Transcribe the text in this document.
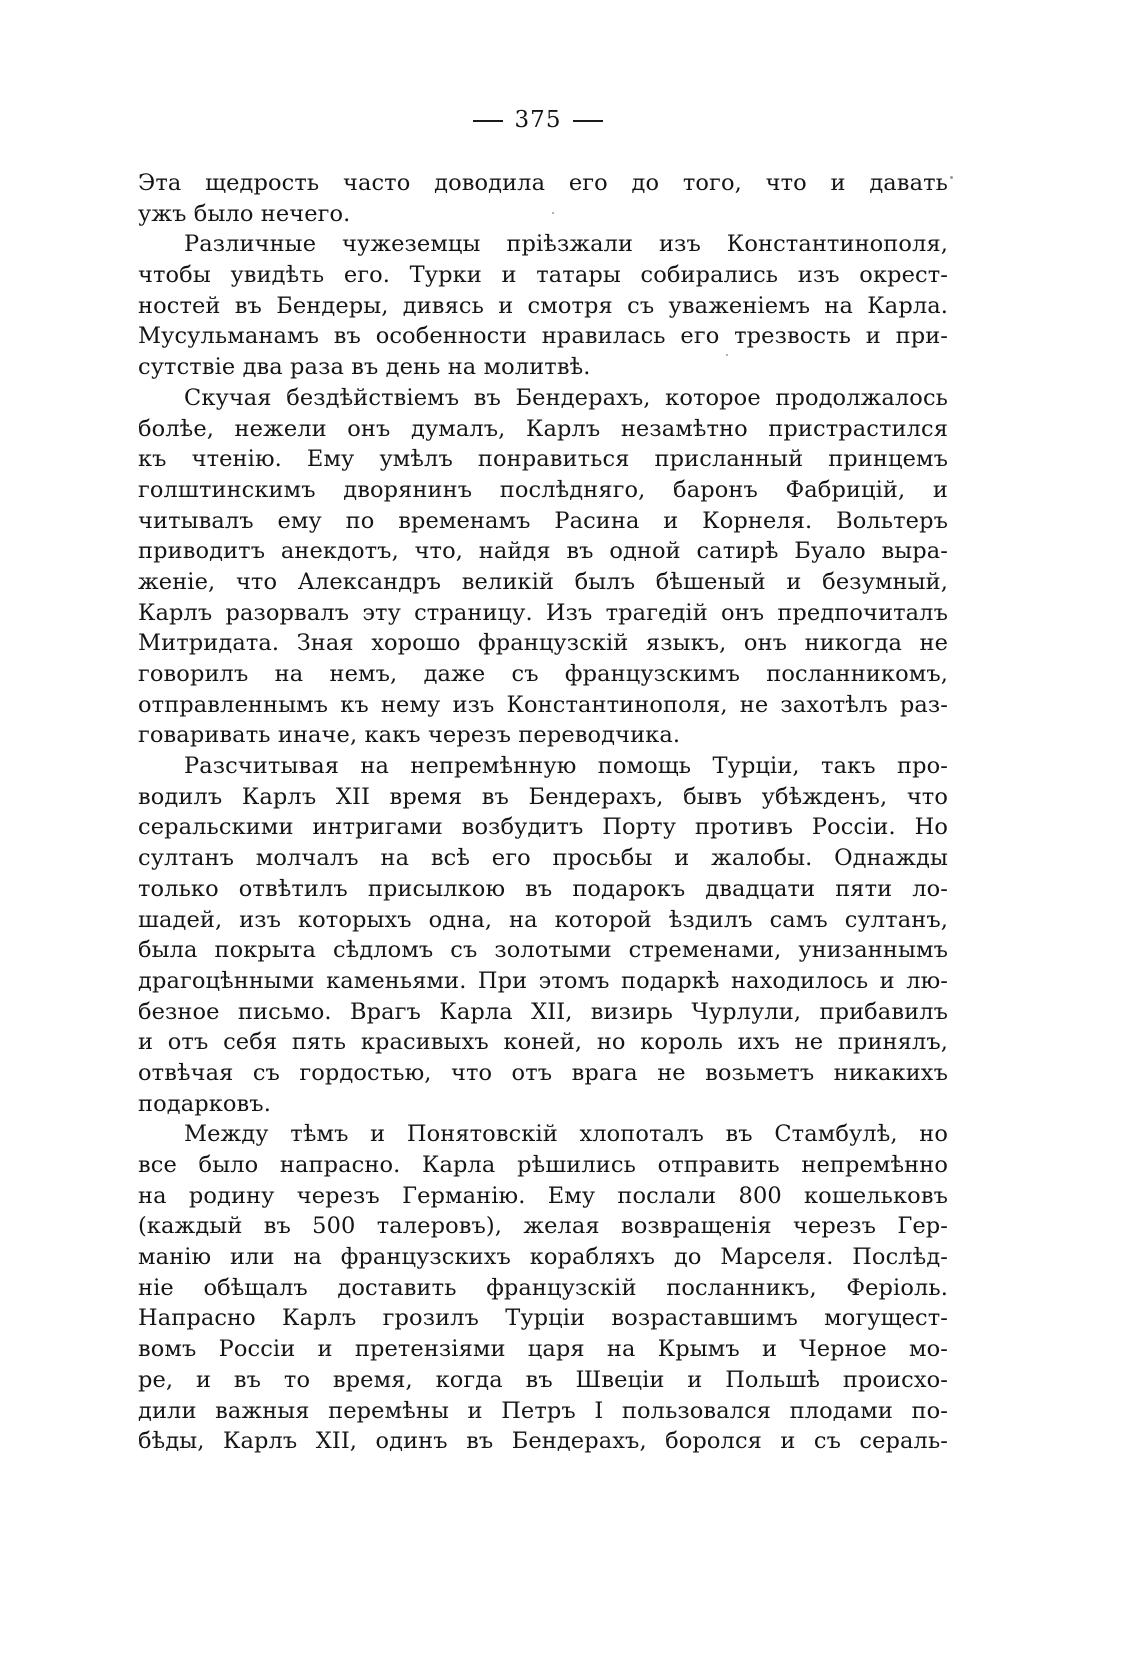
375
Эта щедрость часто доводила его до того, что и давать
ужъ было нечего.
Различные чужеземцы прiѣзжали изъ Константинополя,
чтобы увидѣть его. Турки и татары собирались изъ окрест-
ностей въ Бендеры, дивясь и смотря съ уваженiемъ на Карла.
Мусульманамъ въ особенности нравилась его трезвость и при-
сутствiе два раза въ день на молитвѣ.
Скучая бездѣйствiемъ въ Бендерахъ, которое продолжалось
болѣе, нежели онъ думалъ, Карлъ незамѣтно пристрастился
къ чтенiю. Ему умѣлъ понравиться присланный принцемъ
голштинскимъ дворянинъ послѣдняго, баронъ Фабрицiй, и
читывалъ ему по временамъ Расина и Корнеля. Вольтеръ
приводитъ анекдотъ, что, найдя въ одной сатирѣ Буало выра-
женiе, что Александръ великiй былъ бѣшеный и безумный,
Карлъ разорвалъ эту страницу. Изъ трагедiй онъ предпочиталъ
Митридата. Зная хорошо французскiй языкъ, онъ никогда не
говорилъ на немъ, даже съ французскимъ посланникомъ,
отправленнымъ къ нему изъ Константинополя, не захотѣлъ раз-
говаривать иначе, какъ черезъ переводчика.
Разсчитывая на непремѣнную помощь Турцiи, такъ про-
водилъ Карлъ XII время въ Бендерахъ, бывъ убѣжденъ, что
серальскими интригами возбудитъ Порту противъ Россiи. Но
султанъ молчалъ на всѣ его просьбы и жалобы. Однажды
только отвѣтилъ присылкою въ подарокъ двадцати пяти ло-
шадей, изъ которыхъ одна, на которой ѣздилъ самъ султанъ,
была покрыта сѣдломъ съ золотыми стременами, унизаннымъ
драгоцѣнными каменьями. При этомъ подаркѣ находилось и лю-
безное письмо. Врагъ Карла XII, визирь Чурлули, прибавилъ
и отъ себя пять красивыхъ коней, но король ихъ не принялъ,
отвѣчая съ гордостью, что отъ врага не возьметъ никакихъ
подарковъ.
Между тѣмъ и Понятовскiй хлопоталъ въ Стамбулѣ, но
все было напрасно. Карла рѣшились отправить непремѣнно
на родину черезъ Германiю. Ему послали 800 кошельковъ
(каждый въ 500 талеровъ), желая возвращенiя черезъ Гер-
манiю или на французскихъ корабляхъ до Марселя. Послѣд-
нiе обѣщалъ доставить французскiй посланникъ, Ферiоль.
Напрасно Карлъ грозилъ Турцiи возраставшимъ могущест-
вомъ Россiи и претензiями царя на Крымъ и Черное мо-
ре, и въ то время, когда въ Швецiи и Польшѣ происхо-
дили важныя перемѣны и Петръ I пользовался плодами по-
бѣды, Карлъ XII, одинъ въ Бендерахъ, боролся и съ сераль-
